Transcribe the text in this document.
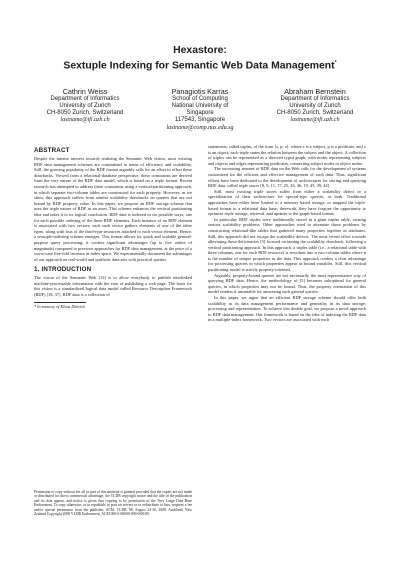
Hexastore:
Sextuple Indexing for Semantic Web Data Management*
Cathrin Weiss
Department of Informatics
University of Zurich
CH-8050 Zurich, Switzerland
lastname@ifi.uzh.ch
Panagiotis Karras
School of Computing
National University of
Singapore
117543, Singapore
Abraham Bernstein
Department of Informatics
University of Zurich
CH-8050 Zurich, Switzerland
lastname@ifi.uzh.ch
lastname@comp.nus.edu.sg
ABSTRACT

Despite the intense interest towards realizing the Semantic Web vision, most existing RDF data management schemes are constrained in terms of efficiency and scalability. Still, the growing popularity of the RDF format arguably calls for an effort to offset these drawbacks. Viewed from a relational-database perspective, these constraints are derived from the very nature of the RDF data model, which is based on a triple format. Recent research has attempted to address these constraints using a vertical-partitioning approach, in which separate two-column tables are constructed for each property. However, as we show, this approach suffers from similar scalability drawbacks on queries that are not bound by RDF property value. In this paper, we propose an RDF storage scheme that uses the triple nature of RDF as an asset. This scheme enhances the vertical partitioning idea and takes it to its logical conclusion. RDF data is indexed in six possible ways, one for each possible ordering of the three RDF elements. Each instance of an RDF element is associated with two vectors; each such vector gathers elements of one of the other types, along with lists of the third-type resources attached to each vector element. Hence, a sextuple-indexing scheme emerges. This format allows for quick and scalable general-purpose query processing; it confers significant advantages (up to five orders of magnitude) compared to previous approaches for RDF data management, at the price of a worst-case five-fold increase in index space. We experimentally document the advantages of our approach on real-world and synthetic data sets with practical queries.

1. INTRODUCTION

The vision of the Semantic Web [13] is to allow everybody to publish interlinked machine-processable information with the ease of publishing a web page. The basis for this vision is a standardized logical data model called Resource Description Framework (RDF) [18, 37]. RDF data is a collection of

* In memory of Klaus Dittrich.
Permission to copy without fee all or part of this material is granted provided that the copies are not made or distributed for direct commercial advantage, the VLDB copyright notice and the title of the publication and its date appear, and notice is given that copying is by permission of the Very Large Data Base Endowment. To copy otherwise, or to republish, to post on servers or to redistribute to lists, requires a fee and/or special permission from the publisher, ACM. VLDB '08, August 24-30, 2008, Auckland, New Zealand Copyright 2008 VLDB Endowment, ACM 000-0-00000-000-0/00/00.

statements, called triples, of the form ⟨s, p, o⟩, where s is a subject, p is a predicate, and o is an object; each triple states the relation between the subject and the object. A collection of triples can be represented as a directed typed graph, with nodes representing subjects and objects and edges representing predicates, connecting subject nodes to object nodes.

The increasing amount of RDF data on the Web calls for the development of systems customized for the efficient and effective management of such data. Thus, significant efforts have been dedicated to the development of architectures for storing and querying RDF data, called triple stores [8, 9, 11, 17, 25, 26, 46, 19, 45, 39, 44].

Still, most existing triple stores suffer from either a scalability defect or a specialization of their architecture for special-type queries, or both. Traditional approaches have either been limited to a memory based storage, or mapped the triple-based format to a relational data base; therewith, they have forgone the opportunity to optimize triple storage, retrieval, and updates to the graph-based format.

In particular, RDF triples were traditionally stored in a giant triples table, causing serious scalability problems. Other approaches tried to attenuate those problems by constructing relational-like tables that gathered many properties together as attributes. Still, this approach did not escape the scalability defects. The most recent effort towards alleviating these deficiencies [5] focused on taming the scalability drawback, following a vertical partitioning approach. In this approach, a triples table (i.e., a relational table with three columns, one for each RDF resource) is rewritten into n two-column tables where n is the number of unique properties in the data. This approach confers a clear advantage for processing queries in which properties appear as bound variables. Still, this vertical partitioning model is strictly property-oriented.

Arguably, property-bound queries are not necessarily the most representative way of querying RDF data. Hence, the methodology of [5] becomes suboptimal for general queries, in which properties may not be bound. Thus, the property orientation of this model renders it unsuitable for answering such general queries.

In this paper, we argue that an efficient RDF storage scheme should offer both scalability in its data management performance and generality in its data storage, processing and representation. To achieve this double goal, we propose a novel approach to RDF data management. Our framework is based on the idea of indexing the RDF data in a multiple-index framework. Two vectors are associated with each
